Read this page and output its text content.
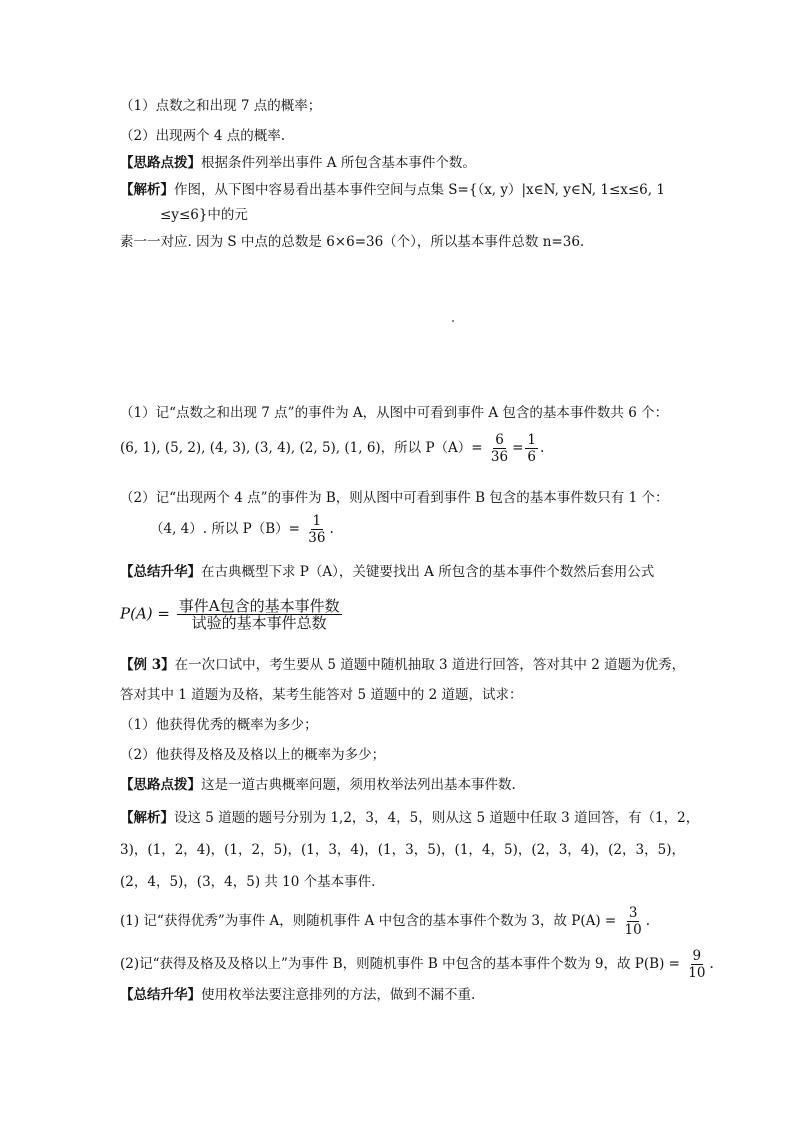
（1）点数之和出现 7 点的概率；
（2）出现两个 4 点的概率.
【思路点拨】根据条件列举出事件 A 所包含基本事件个数。
【解析】作图，从下图中容易看出基本事件空间与点集 S={（x, y）|x∈N, y∈N, 1≤x≤6, 1
≤y≤6}中的元
素一一对应. 因为 S 中点的总数是 6×6=36（个），所以基本事件总数 n=36.
（1）记“点数之和出现 7 点”的事件为 A，从图中可看到事件 A 包含的基本事件数共 6 个：
(6, 1), (5, 2), (4, 3), (3, 4), (2, 5), (1, 6)，所以 $P(A)= \frac{6}{36} = \frac{1}{6}$ .
（2）记“出现两个 4 点”的事件为 B，则从图中可看到事件 B 包含的基本事件数只有 1 个：
（4, 4）. 所以 $P(B)= \frac{1}{36}$ .
【总结升华】在古典概型下求 P（A），关键要找出 A 所包含的基本事件个数然后套用公式
$P(A) = \frac{\text{事件A包含的基本事件数}}{\text{试验的基本事件总数}}$
【例 3】在一次口试中，考生要从 5 道题中随机抽取 3 道进行回答，答对其中 2 道题为优秀，
答对其中 1 道题为及格，某考生能答对 5 道题中的 2 道题，试求：
（1）他获得优秀的概率为多少；
（2）他获得及格及及格以上的概率为多少；
【思路点拨】这是一道古典概率问题，须用枚举法列出基本事件数.
【解析】设这 5 道题的题号分别为 1,2，3，4，5，则从这 5 道题中任取 3 道回答，有（1，2，
3)，(1，2，4)，(1，2，5)，(1，3，4)，(1，3，5)，(1，4，5)，(2，3，4)，(2，3，5)，
(2，4，5)，(3，4，5) 共 10 个基本事件.
(1) 记“获得优秀”为事件 A，则随机事件 A 中包含的基本事件个数为 3，故 $P(A) = \frac{3}{10}$ .
(2)记“获得及格及及格以上”为事件 B，则随机事件 B 中包含的基本事件个数为 9，故 $P(B) = \frac{9}{10}$ .
【总结升华】使用枚举法要注意排列的方法，做到不漏不重.
